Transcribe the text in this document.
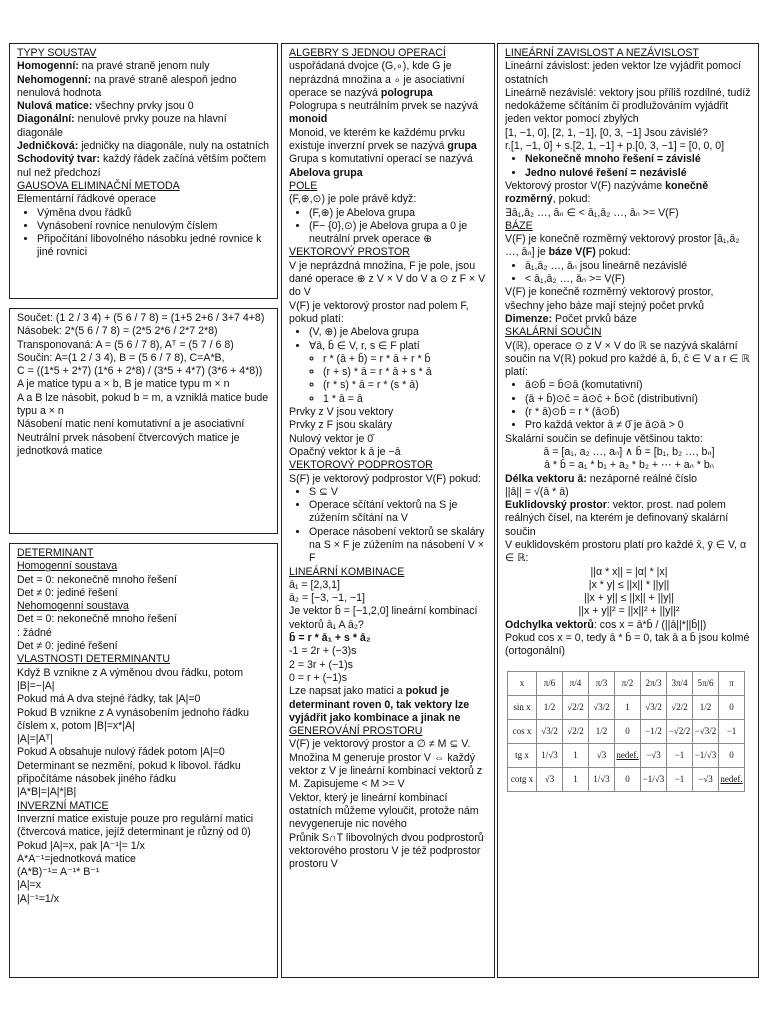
TYPY SOUSTAV
Homogenní: na pravé straně jenom nuly
Nehomogenní: na pravé straně alespoň jedno nenulová hodnota
Nulová matice: všechny prvky jsou 0
Diagonální: nenulové prvky pouze na hlavní diagonále
Jedničková: jedničky na diagonále, nuly na ostatních
Schodovitý tvar: každý řádek začíná větším počtem nul než předchozí
GAUSOVA ELIMINAČNÍ METODA
Elementární řádkové operace
• Výměna dvou řádků
• Vynásobení rovnice nenulovým číslem
• Připočítání libovolného násobku jedné rovnice k jiné rovnici
Součet: (1 2 / 3 4) + (5 6 / 7 8) = (1+5 2+6 / 3+7 4+8)
Násobek: 2*(5 6 / 7 8) = (2*5 2*6 / 2*7 2*8)
Transponovaná: A = (5 6 / 7 8), Aᵀ = (5 7 / 6 8)
Součin: A=(1 2 / 3 4), B = (5 6 / 7 8), C=A*B,
C = ((1*5 + 2*7) (1*6 + 2*8) / (3*5 + 4*7) (3*6 + 4*8))
A je matice typu a × b, B je matice typu m × n
A a B lze násobit, pokud b = m, a vzniklá matice bude typu a × n
Násobení matic není komutativní a je asociativní
Neutrální prvek násobení čtvercových matice je jednotková matice
DETERMINANT
Homogenní soustava
Det = 0: nekonečně mnoho řešení
Det ≠ 0: jediné řešení
Nehomogenní soustava
Det = 0: nekonečně mnoho řešení
: žádné
Det ≠ 0: jediné řešení
VLASTNOSTI DETERMINANTU
Když B vznikne z A výměnou dvou řádku, potom |B|=−|A|
Pokud má A dva stejné řádky, tak |A|=0
Pokud B vznikne z A vynásobením jednoho řádku číslem x, potom |B|=x*|A|
|A|=|Aᵀ|
Pokud A obsahuje nulový řádek potom |A|=0
Determinant se nezmění, pokud k libovol. řádku připočítáme násobek jiného řádku
|A*B|=|A|*|B|
INVERZNÍ MATICE
Inverzní matice existuje pouze pro regulární matici (čtvercová matice, jejíž determinant je různý od 0)
Pokud |A|=x, pak |A⁻¹|= 1/x
A*A⁻¹=jednotková matice
(A*B)⁻¹= A⁻¹* B⁻¹
|A|=x
|A|⁻¹=1/x
ALGEBRY S JEDNOU OPERACÍ
uspořádaná dvojce (G,∘), kde G je neprázdná množina a ∘ je asociativní operace se nazývá pologrupa
Pologrupa s neutrálním prvek se nazývá monoid
Monoid, ve kterém ke každému prvku existuje inverzní prvek se nazývá grupa
Grupa s komutativní operací se nazývá Abelova grupa
POLE
(F,⊕,⊙) je pole právě když:
• (F,⊕) je Abelova grupa
• (F− {0},⊙) je Abelova grupa a 0 je neutrální prvek operace ⊕
VEKTOROVÝ PROSTOR
V je neprázdná množina, F je pole, jsou dané operace ⊕ z V × V do V a ⊙ z F × V do V
V(F) je vektorový prostor nad polem F, pokud platí:
• (V, ⊕) je Abelova grupa
• ∀ā, b̄ ∈ V, r, s ∈ F platí
◦ r * (ā + b̄) = r * ā + r * b̄
◦ (r + s) * ā = r * ā + s * ā
◦ (r * s) * ā = r * (s * ā)
◦ 1 * ā = ā
Prvky z V jsou vektory
Prvky z F jsou skaláry
Nulový vektor je 0̄
Opačný vektor k ā je −ā
VEKTOROVÝ PODPROSTOR
S(F) je vektorový podprostor V(F) pokud:
• S ⊆ V
• Operace sčítání vektorů na S je zúžením sčítání na V
• Operace násobení vektorů se skaláry na S × F je zúžením na násobení V × F
LINEÁRNÍ KOMBINACE
ā₁ = [2,3,1]
ā₂ = [−3, −1, −1]
Je vektor b̄ = [−1,2,0] lineární kombinací vektorů ā₁ A ā₂?
b̄ = r * ā₁ + s * ā₂
-1 = 2r + (−3)s
2 = 3r + (−1)s
0 = r + (−1)s
Lze napsat jako matici a pokud je determinant roven 0, tak vektory lze vyjádřit jako kombinace a jinak ne
GENEROVÁNÍ PROSTORU
V(F) je vektorový prostor a ∅ ≠ M ⊆ V. Množina M generuje prostor V ⇔ každý vektor z V je lineární kombinací vektorů z M. Zapisujeme < M >= V
Vektor, který je lineární kombinací ostatních můžeme vyloučit, protože nám nevygeneruje nic nového
Průnik S∩T libovolných dvou podprostorů vektorového prostoru V je též podprostor prostoru V
LINEÁRNÍ ZAVISLOST A NEZÁVISLOST
Lineární závislost: jeden vektor lze vyjádřit pomocí ostatních
Lineárně nezávislé: vektory jsou příliš rozdílné, tudíž nedokážeme sčítáním či prodlužováním vyjádřit jeden vektor pomocí zbylých
[1, −1, 0], [2, 1, −1], [0, 3, −1] Jsou závislé?
r.[1, −1, 0] + s.[2, 1, −1] + p.[0, 3, −1] = [0, 0, 0]
• Nekonečně mnoho řešení = závislé
• Jedno nulové řešení = nezávislé
Vektorový prostor V(F) nazýváme konečně rozměrný, pokud:
∃ā₁,ā₂ …, āₙ ∈ < ā₁,ā₂ …, āₙ >= V(F)
BÁZE
V(F) je konečně rozměrný vektorový prostor [ā₁,ā₂ …, āₙ] je báze V(F) pokud:
• ā₁,ā₂ …, āₙ jsou lineárně nezávislé
• < ā₁,ā₂ …, āₙ >= V(F)
V(F) je konečně rozměrný vektorový prostor, všechny jeho báze mají stejný počet prvků
Dimenze: Počet prvků báze
SKALÁRNÍ SOUČIN
V(ℝ), operace ⊙ z V × V do ℝ se nazývá skalární součin na V(ℝ) pokud pro každé ā, b̄, c̄ ∈ V a r ∈ ℝ platí:
• ā⊙b̄ = b̄⊙ā (komutativní)
• (ā + b̄)⊙c̄ = ā⊙c̄ + b̄⊙c̄ (distributivní)
• (r * ā)⊙b̄ = r * (ā⊙b̄)
• Pro každá vektor ā ≠ 0̄ je ā⊙ā > 0
Skalární součin se definuje většinou takto:
ā = [a₁, a₂ …, aₙ] ∧ b̄ = [b₁, b₂ …, bₙ]
ā * b̄ = a₁ * b₁ + a₂ * b₂ + ⋯ + aₙ * bₙ
Délka vektoru ā: nezáporné reálné číslo
||ā|| = √(ā * ā)
Euklidovský prostor: vektor. prost. nad polem reálných čísel, na kterém je definovaný skalární součin
V euklidovském prostoru platí pro každé x̄, ȳ ∈ V, α ∈ ℝ:
||α * x|| = |α| * |x|
|x * y| ≤ ||x|| * ||y||
||x + y|| ≤ ||x|| + ||y||
||x + y||² = ||x||² + ||y||²
Odchylka vektorů: cos x = ā*b̄ / (||ā||*||b̄||)
Pokud cos x = 0, tedy ā * b̄ = 0, tak ā a b̄ jsou kolmé (ortogonální)
x	π/6	π/4	π/3	π/2	2π/3	3π/4	5π/6	π
sin x	1/2	√2/2	√3/2	1	√3/2	√2/2	1/2	0
cos x	√3/2	√2/2	1/2	0	−1/2	−√2/2	−√3/2	−1
tg x	1/√3	1	√3	nedef.	−√3	−1	−1/√3	0
cotg x	√3	1	1/√3	0	−1/√3	−1	−√3	nedef.
